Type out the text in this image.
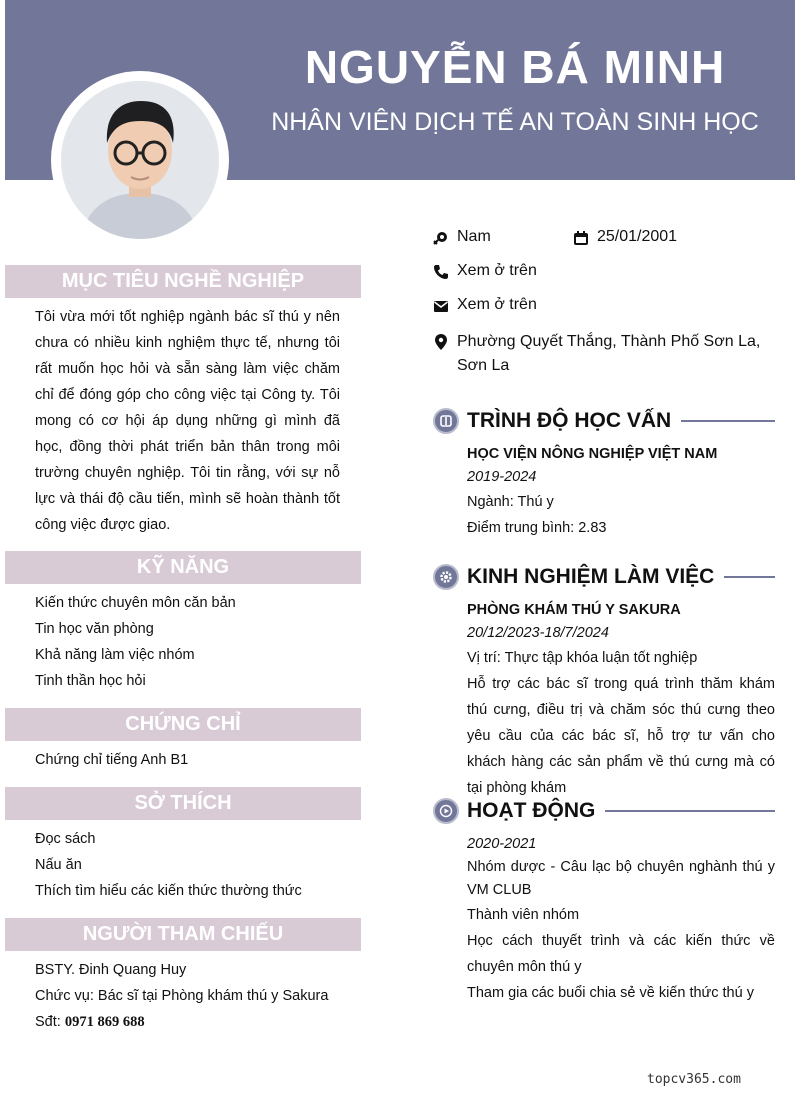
NGUYỄN BÁ MINH
NHÂN VIÊN DỊCH TẾ AN TOÀN SINH HỌC
MỤC TIÊU NGHỀ NGHIỆP
Tôi vừa mới tốt nghiệp ngành bác sĩ thú y nên chưa có nhiều kinh nghiệm thực tế, nhưng tôi rất muốn học hỏi và sẵn sàng làm việc chăm chỉ để đóng góp cho công việc tại Công ty. Tôi mong có cơ hội áp dụng những gì mình đã học, đồng thời phát triển bản thân trong môi trường chuyên nghiệp. Tôi tin rằng, với sự nỗ lực và thái độ cầu tiến, mình sẽ hoàn thành tốt công việc được giao.
KỸ NĂNG
Kiến thức chuyên môn căn bản
Tin học văn phòng
Khả năng làm việc nhóm
Tinh thần học hỏi
CHỨNG CHỈ
Chứng chỉ tiếng Anh B1
SỞ THÍCH
Đọc sách
Nấu ăn
Thích tìm hiểu các kiến thức thường thức
NGƯỜI THAM CHIẾU
BSTY. Đinh Quang Huy
Chức vụ: Bác sĩ tại Phòng khám thú y Sakura
Sđt: 0971 869 688
Nam	25/01/2001
Xem ở trên
Xem ở trên
Phường Quyết Thắng, Thành Phố Sơn La,
Sơn La
TRÌNH ĐỘ HỌC VẤN
HỌC VIỆN NÔNG NGHIỆP VIỆT NAM
2019-2024
Ngành: Thú y
Điểm trung bình: 2.83
KINH NGHIỆM LÀM VIỆC
PHÒNG KHÁM THÚ Y SAKURA
20/12/2023-18/7/2024
Vị trí: Thực tập khóa luận tốt nghiệp
Hỗ trợ các bác sĩ trong quá trình thăm khám thú cưng, điều trị và chăm sóc thú cưng theo yêu cầu của các bác sĩ, hỗ trợ tư vấn cho khách hàng các sản phẩm về thú cưng mà có tại phòng khám
HOẠT ĐỘNG
2020-2021
Nhóm dược - Câu lạc bộ chuyên nghành thú y
VM CLUB
Thành viên nhóm
Học cách thuyết trình và các kiến thức về chuyên môn thú y
Tham gia các buổi chia sẻ về kiến thức thú y
topcv365.com
